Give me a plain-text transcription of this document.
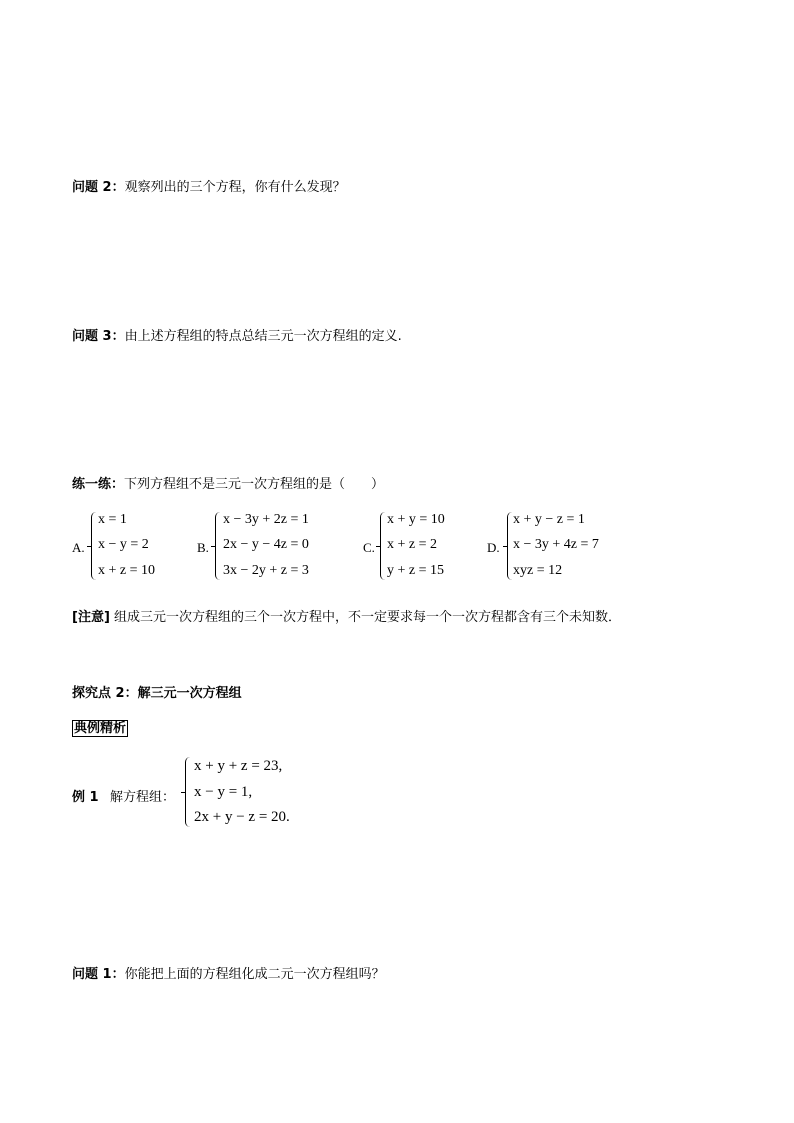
问题 2：观察列出的三个方程，你有什么发现？
问题 3：由上述方程组的特点总结三元一次方程组的定义.
练一练：下列方程组不是三元一次方程组的是（　　）
A.
x = 1
x − y = 2
x + z = 10
B.
x − 3y + 2z = 1
2x − y − 4z = 0
3x − 2y + z = 3
C.
x + y = 10
x + z = 2
y + z = 15
D.
x + y − z = 1
x − 3y + 4z = 7
xyz = 12
[注意] 组成三元一次方程组的三个一次方程中，不一定要求每一个一次方程都含有三个未知数．
探究点 2：解三元一次方程组
典例精析
例 1 解方程组：
x + y + z = 23,
x − y = 1,
2x + y − z = 20.
问题 1：你能把上面的方程组化成二元一次方程组吗？
